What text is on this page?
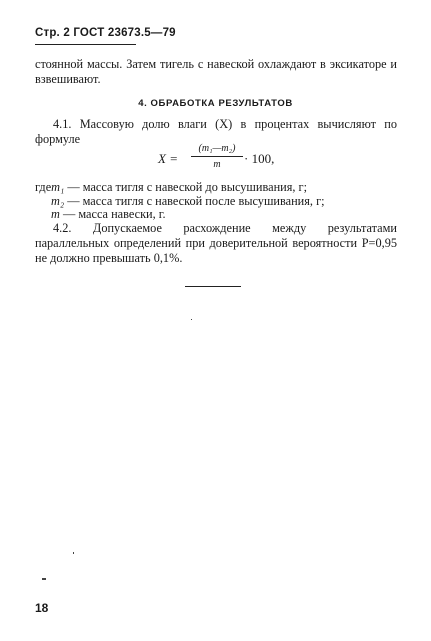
Стр. 2 ГОСТ 23673.5—79
стоянной массы. Затем тигель с навеской охлаждают в эксикаторе и взвешивают.
4. ОБРАБОТКА РЕЗУЛЬТАТОВ
4.1. Массовую долю влаги (X) в процентах вычисляют по формуле
X =
(m₁—m₂)
m	· 100,
гдеm₁ — масса тигля с навеской до высушивания, г;
m₂ — масса тигля с навеской после высушивания, г;
m — масса навески, г.
4.2. Допускаемое расхождение между результатами параллельных определений при доверительной вероятности P=0,95 не должно превышать 0,1%.
18
